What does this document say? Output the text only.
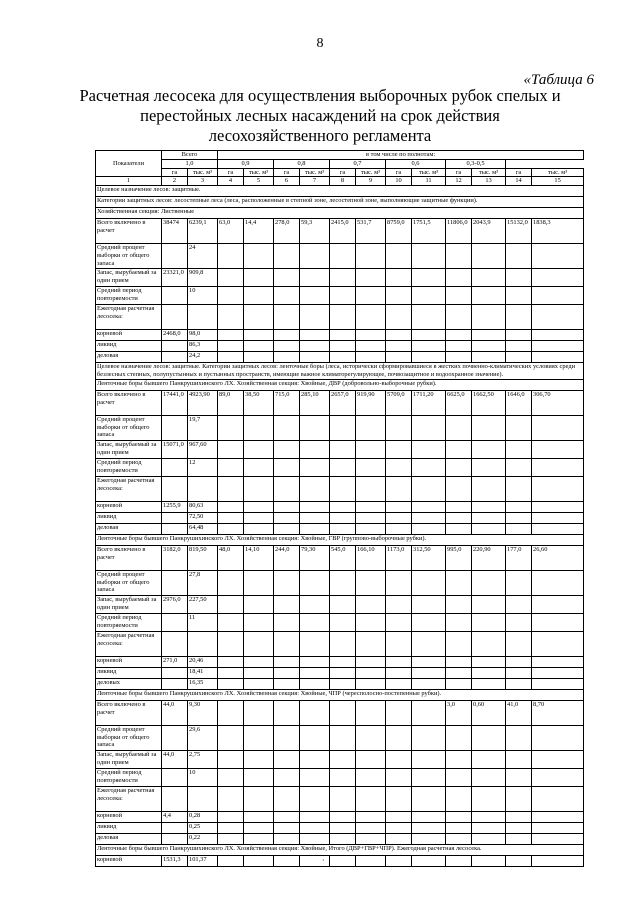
8
«Таблица 6
Расчетная лесосека для осуществления выборочных рубок спелых и
перестойных лесных насаждений на срок действия
лесохозяйственного регламента
Показатели	Всего		в том числе по полнотам:											
	1,0		0,9		0,8		0,7		0,6		0,3-0,5			
	га	тыс. м³	га	тыс. м³	га	тыс. м³	га	тыс. м³	га	тыс. м³	га	тыс. м³	га	тыс. м³
1	2	3	4	5	6	7	8	9	10	11	12	13	14	15
Целевое назначение лесов: защитные.														
Категории защитных лесов: лесостепные леса (леса, расположенные в степной зоне, лесостепной зоне, выполняющие защитные функции).														
Хозяйственная секция: Лиственные														
Всего включено в расчет	38474	6239,1	63,0	14,4	278,0	59,3	2415,0	531,7	8759,0	1751,5	11806,0	2043,9	15132,0	1838,3
Средний процент выборки от общего запаса		24												
Запас, вырубаемый за один прием	23321,0	909,8												
Средний период повторяемости		10												
Ежегодная расчетная лесосека:														
корневой	2468,0	98,0												
ликвид		86,3												
деловая		24,2												
Целевое назначение лесов: защитные. Категории защитных лесов: ленточные боры (леса, исторически сформировавшиеся в жестких почвенно-климатических условиях среди безлесных степных, полупустынных и пустынных пространств, имеющие важное климаторегулирующее, почвозащитное и водоохранное значение).														
Ленточные боры бывшего Панкрушихинского ЛХ. Хозяйственная секция: Хвойные, ДВР (добровольно-выборочные рубки).														
Всего включено в расчет	17441,0	4923,90	89,0	38,50	715,0	285,10	2657,0	919,90	5709,0	1711,20	6625,0	1662,50	1646,0	306,70
Средний процент выборки от общего запаса		19,7												
Запас, вырубаемый за один прием	15071,0	967,60												
Средний период повторяемости		12												
Ежегодная расчетная лесосека:														
корневой	1255,9	80,63												
ликвид		72,50												
деловая		64,48												
Ленточные боры бывшего Панкрушихинского ЛХ. Хозяйственная секция: Хвойные, ГВР (группово-выборочные рубки).														
Всего включено в расчет	3182,0	819,50	48,0	14,10	244,0	79,30	545,0	166,10	1173,0	312,50	995,0	220,90	177,0	26,60
Средний процент выборки от общего запаса		27,8												
Запас, вырубаемый за один прием	2976,0	227,50												
Средний период повторяемости		11												
Ежегодная расчетная лесосека:														
корневой	271,0	20,46												
ликвид		18,41												
деловых		16,35												
Ленточные боры бывшего Панкрушихинского ЛХ. Хозяйственная секция: Хвойные, ЧПР (чересполосно-постепенные рубки).														
Всего включено в расчет	44,0	9,30									3,0	0,60	41,0	8,70
Средний процент выборки от общего запаса		29,6												
Запас, вырубаемый за один прием	44,0	2,75												
Средний период повторяемости		10												
Ежегодная расчетная лесосека:														
корневой	4,4	0,28												
ликвид		0,25												
деловая		0,22												
Ленточные боры бывшего Панкрушихинского ЛХ. Хозяйственная секция: Хвойные, Итого (ДВР+ГВР+ЧПР). Ежегодная расчетная лесосека.														
корневой	1531,3	101,37													·
